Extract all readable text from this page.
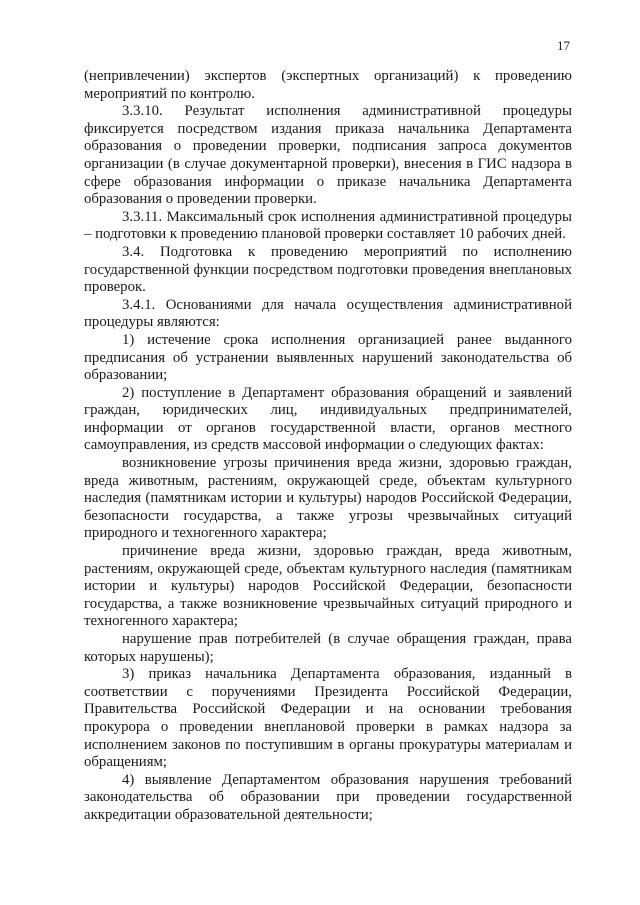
17

(непривлечении) экспертов (экспертных организаций) к проведению мероприятий по контролю.

3.3.10. Результат исполнения административной процедуры фиксируется посредством издания приказа начальника Департамента образования о проведении проверки, подписания запроса документов организации (в случае документарной проверки), внесения в ГИС надзора в сфере образования информации о приказе начальника Департамента образования о проведении проверки.

3.3.11. Максимальный срок исполнения административной процедуры – подготовки к проведению плановой проверки составляет 10 рабочих дней.

3.4. Подготовка к проведению мероприятий по исполнению государственной функции посредством подготовки проведения внеплановых проверок.

3.4.1. Основаниями для начала осуществления административной процедуры являются:

1) истечение срока исполнения организацией ранее выданного предписания об устранении выявленных нарушений законодательства об образовании;

2) поступление в Департамент образования обращений и заявлений граждан, юридических лиц, индивидуальных предпринимателей, информации от органов государственной власти, органов местного самоуправления, из средств массовой информации о следующих фактах:

возникновение угрозы причинения вреда жизни, здоровью граждан, вреда животным, растениям, окружающей среде, объектам культурного наследия (памятникам истории и культуры) народов Российской Федерации, безопасности государства, а также угрозы чрезвычайных ситуаций природного и техногенного характера;

причинение вреда жизни, здоровью граждан, вреда животным, растениям, окружающей среде, объектам культурного наследия (памятникам истории и культуры) народов Российской Федерации, безопасности государства, а также возникновение чрезвычайных ситуаций природного и техногенного характера;

нарушение прав потребителей (в случае обращения граждан, права которых нарушены);

3) приказ начальника Департамента образования, изданный в соответствии с поручениями Президента Российской Федерации, Правительства Российской Федерации и на основании требования прокурора о проведении внеплановой проверки в рамках надзора за исполнением законов по поступившим в органы прокуратуры материалам и обращениям;

4) выявление Департаментом образования нарушения требований законодательства об образовании при проведении государственной аккредитации образовательной деятельности;
